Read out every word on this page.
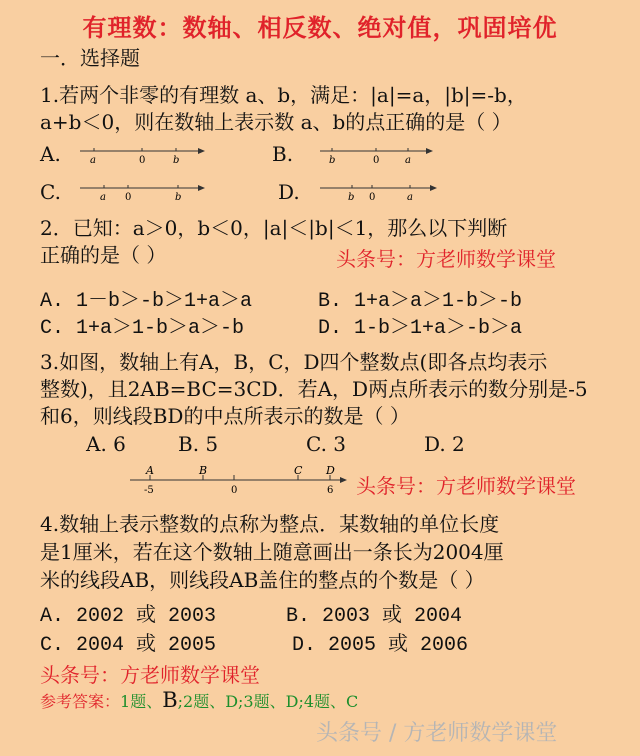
有理数：数轴、相反数、绝对值，巩固培优
一．选择题
1.若两个非零的有理数 a、b，满足：|a|=a，|b|=-b，
a+b＜0，则在数轴上表示数 a、b的点正确的是（ ）
A.	a	0	b	B.	b	0	a
C.	a 0	b	D.	b 0	a
2．已知：a＞0，b＜0，|a|＜|b|＜1，那么以下判断
正确的是（ ）	头条号：方老师数学课堂
A. 1－b＞-b＞1+a＞a	B. 1+a＞a＞1-b＞-b
C. 1+a＞1-b＞a＞-b	D. 1-b＞1+a＞-b＞a
3.如图，数轴上有A，B，C，D四个整数点(即各点均表示
整数)，且2AB=BC=3CD．若A，D两点所表示的数分别是-5
和6，则线段BD的中点所表示的数是（ ）
A. 6	B. 5	C. 3	D. 2
A	B	C D
-5	0	6 头条号：方老师数学课堂
4.数轴上表示整数的点称为整点．某数轴的单位长度
是1厘米，若在这个数轴上随意画出一条长为2004厘
米的线段AB，则线段AB盖住的整点的个数是（ ）
A. 2002 或 2003	B. 2003 或 2004
C. 2004 或 2005	D. 2005 或 2006
头条号：方老师数学课堂
参考答案：1题、B;2题、D;3题、D;4题、C
头条号 / 方老师数学课堂
